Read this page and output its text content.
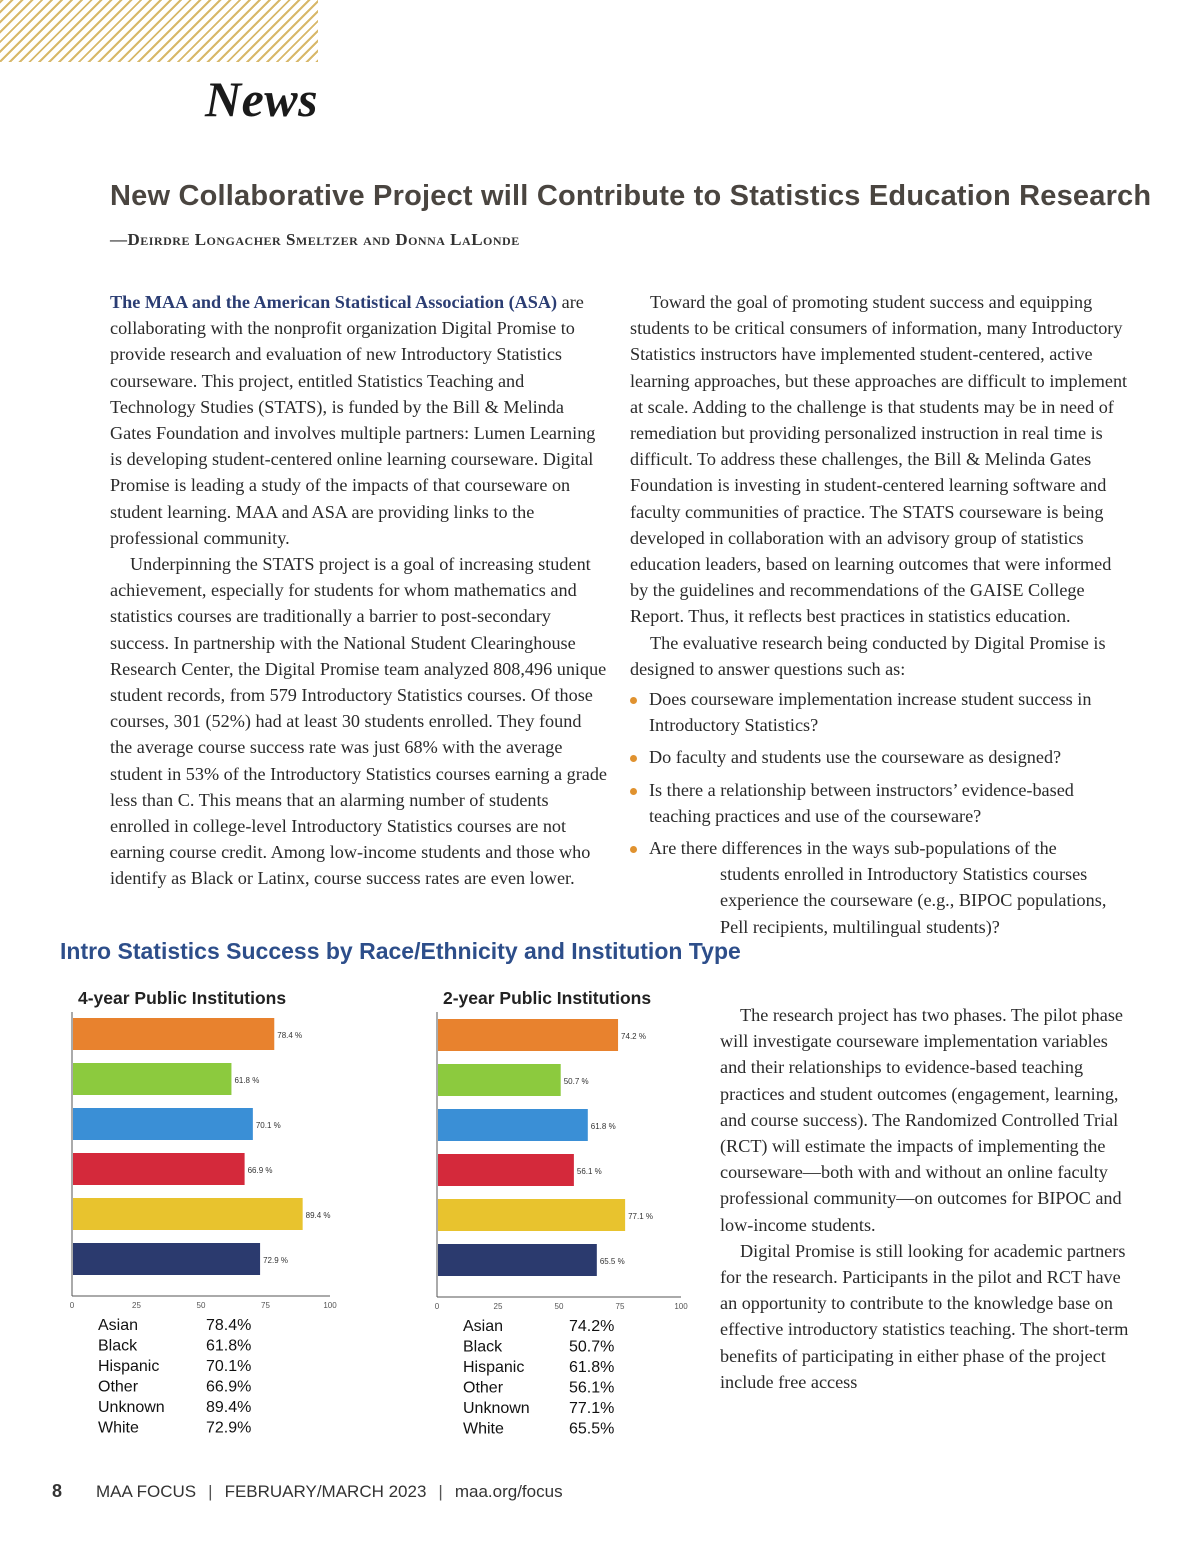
News
New Collaborative Project will Contribute to Statistics Education Research
—Deirdre Longacher Smeltzer and Donna LaLonde

The MAA and the American Statistical Association (ASA) are collaborating with the nonprofit organization Digital Promise to provide research and evaluation of new Introductory Statistics courseware. This project, entitled Statistics Teaching and Technology Studies (STATS), is funded by the Bill & Melinda Gates Foundation and involves multiple partners: Lumen Learning is developing student-centered online learning courseware. Digital Promise is leading a study of the impacts of that courseware on student learning. MAA and ASA are providing links to the professional community.

Underpinning the STATS project is a goal of increasing student achievement, especially for students for whom mathematics and statistics courses are traditionally a barrier to post-secondary success. In partnership with the National Student Clearinghouse Research Center, the Digital Promise team analyzed 808,496 unique student records, from 579 Introductory Statistics courses. Of those courses, 301 (52%) had at least 30 students enrolled. They found the average course success rate was just 68% with the average student in 53% of the Introductory Statistics courses earning a grade less than C. This means that an alarming number of students enrolled in college-level Introductory Statistics courses are not earning course credit. Among low-income students and those who identify as Black or Latinx, course success rates are even lower.

Toward the goal of promoting student success and equipping students to be critical consumers of information, many Introductory Statistics instructors have implemented student-centered, active learning approaches, but these approaches are difficult to implement at scale. Adding to the challenge is that students may be in need of remediation but providing personalized instruction in real time is difficult. To address these challenges, the Bill & Melinda Gates Foundation is investing in student-centered learning software and faculty communities of practice. The STATS courseware is being developed in collaboration with an advisory group of statistics education leaders, based on learning outcomes that were informed by the guidelines and recommendations of the GAISE College Report. Thus, it reflects best practices in statistics education.

The evaluative research being conducted by Digital Promise is designed to answer questions such as:

Does courseware implementation increase student success in Introductory Statistics?
Do faculty and students use the courseware as designed?
Is there a relationship between instructors’ evidence-based teaching practices and use of the courseware?
Are there differences in the ways sub-populations of the
students enrolled in Introductory Statistics courses experience the courseware (e.g., BIPOC populations, Pell recipients, multilingual students)?

The research project has two phases. The pilot phase will investigate courseware implementation variables and their relationships to evidence-based teaching practices and student outcomes (engagement, learning, and course success). The Randomized Controlled Trial (RCT) will estimate the impacts of implementing the courseware—both with and without an online faculty professional community—on outcomes for BIPOC and low-income students.

Digital Promise is still looking for academic partners for the research. Participants in the pilot and RCT have an opportunity to contribute to the knowledge base on effective introductory statistics teaching. The short-term benefits of participating in either phase of the project include free access

Intro Statistics Success by Race/Ethnicity and Institution Type
4-year Public Institutions
78.4 %
61.8 %
70.1 %
66.9 %
89.4 %
72.9 %
0	25	50	75	100
Asian	78.4%
Black	61.8%
Hispanic	70.1%
Other	66.9%
Unknown	89.4%
White	72.9%
2-year Public Institutions
74.2 %
50.7 %
61.8 %
56.1 %
77.1 %
65.5 %
0	25	50	75	100
Asian	74.2%
Black	50.7%
Hispanic	61.8%
Other	56.1%
Unknown 77.1%
White	65.5%
8 MAA FOCUS | FEBRUARY/MARCH 2023 | maa.org/focus
